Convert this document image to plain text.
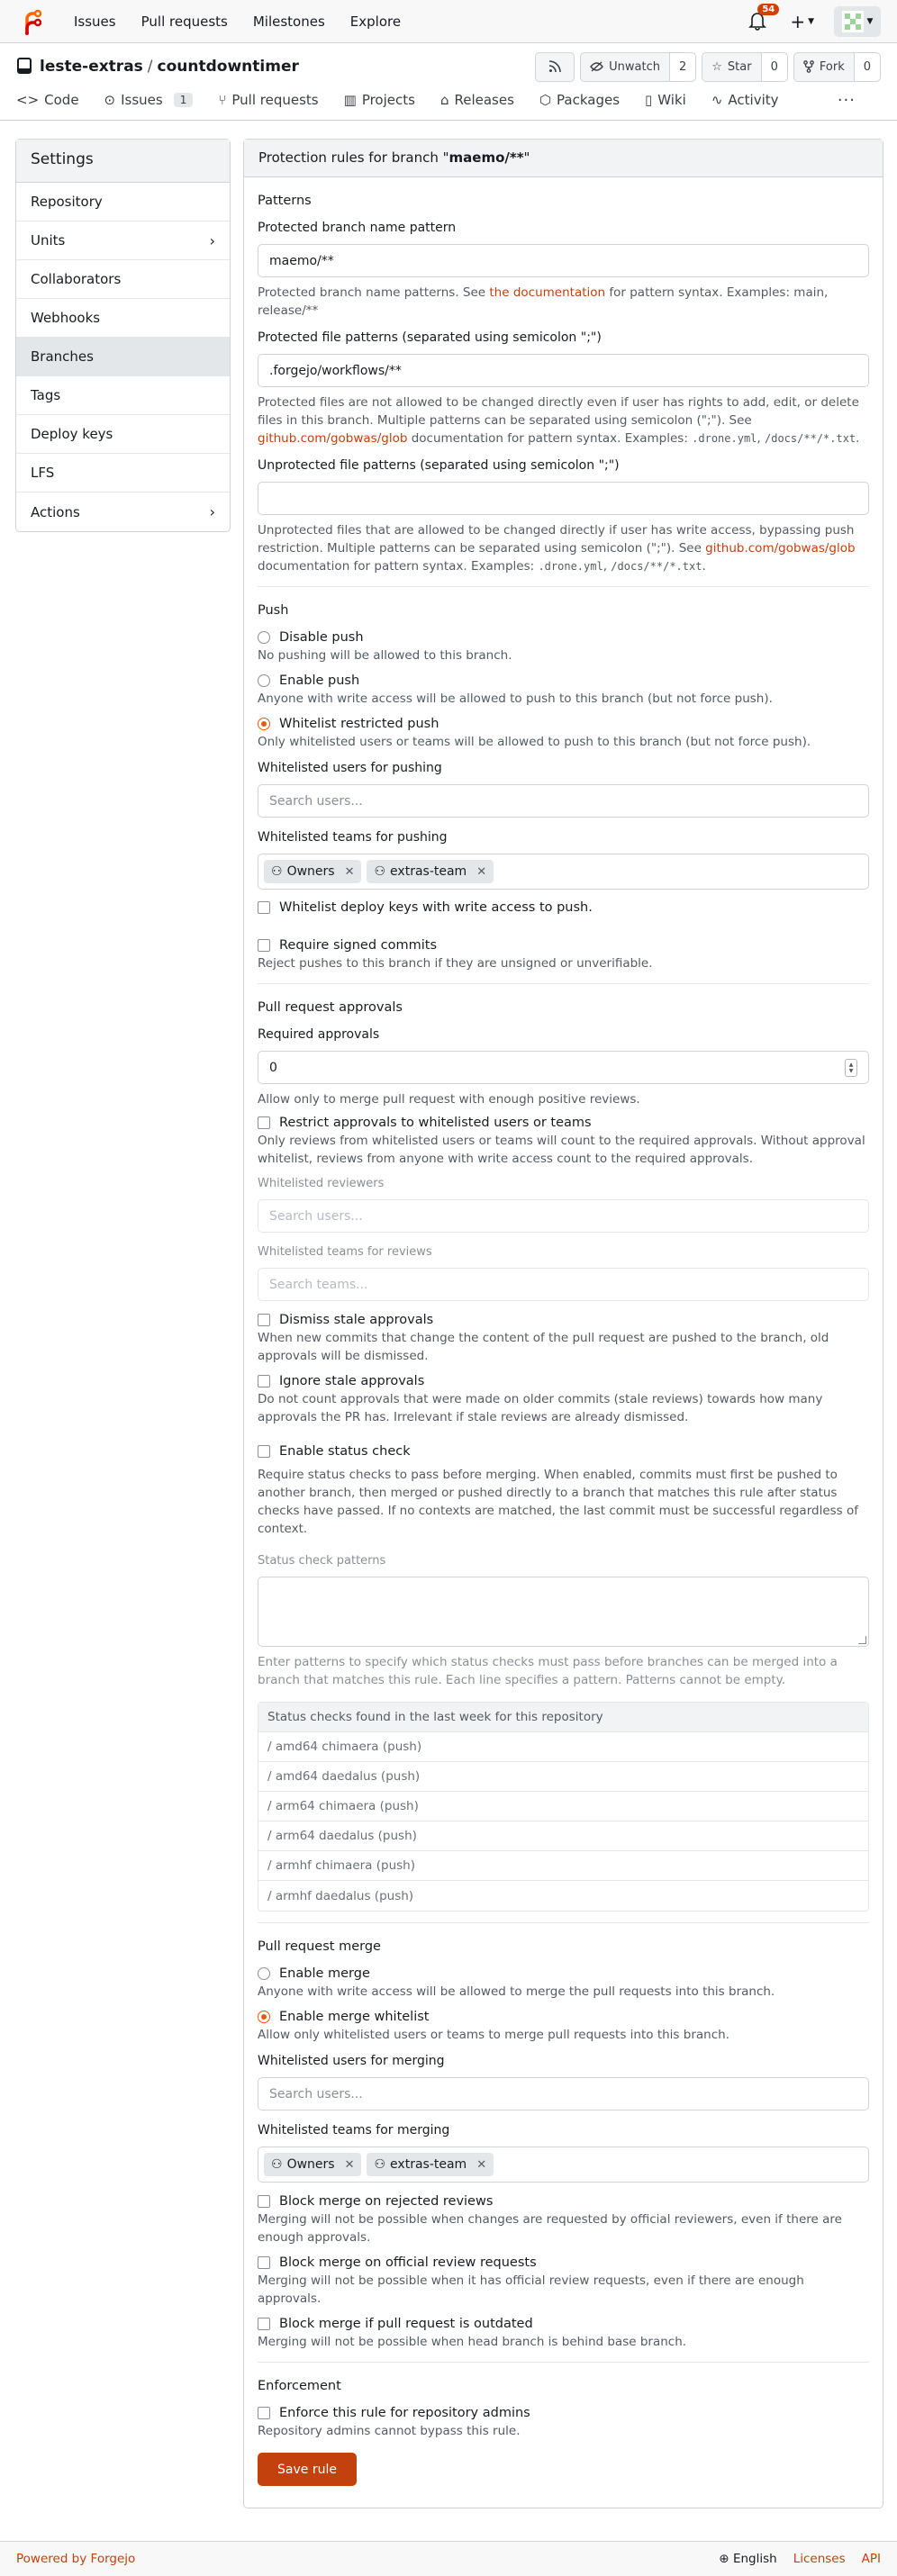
Issues Pull requests Milestones Explore
54
+ ▼	▼
leste-extras / countdowntimer	Unwatch	2	☆ Star	0	Fork	0
<> Code ⊙ Issues	1	⑂ Pull requests ▥ Projects ⌂ Releases ⬡ Packages ▯ Wiki ∿ Activity	···
Settings
Repository
Units	›
Collaborators
Webhooks
Branches
Tags
Deploy keys
LFS
Actions	›
Protection rules for branch "maemo/**"
Patterns
Protected branch name pattern
maemo/**
Protected branch name patterns. See the documentation for pattern syntax. Examples: main, release/**
Protected file patterns (separated using semicolon ";")
.forgejo/workflows/**
Protected files are not allowed to be changed directly even if user has rights to add, edit, or delete files in this branch. Multiple patterns can be separated using semicolon (";"). See github.com/gobwas/glob documentation for pattern syntax. Examples: .drone.yml, /docs/**/*.txt.
Unprotected file patterns (separated using semicolon ";")
Unprotected files that are allowed to be changed directly if user has write access, bypassing push restriction. Multiple patterns can be separated using semicolon (";"). See github.com/gobwas/glob documentation for pattern syntax. Examples: .drone.yml, /docs/**/*.txt.
Push
Disable push
No pushing will be allowed to this branch.
Enable push
Anyone with write access will be allowed to push to this branch (but not force push).
Whitelist restricted push
Only whitelisted users or teams will be allowed to push to this branch (but not force push).
Whitelisted users for pushing
Search users...
Whitelisted teams for pushing
⚇ Owners ✕ ⚇ extras-team ✕
Whitelist deploy keys with write access to push.
Require signed commits
Reject pushes to this branch if they are unsigned or unverifiable.
Pull request approvals
Required approvals
0	▲
▼
Allow only to merge pull request with enough positive reviews.
Restrict approvals to whitelisted users or teams
Only reviews from whitelisted users or teams will count to the required approvals. Without approval whitelist, reviews from anyone with write access count to the required approvals.
Whitelisted reviewers
Search users...
Whitelisted teams for reviews
Search teams...
Dismiss stale approvals
When new commits that change the content of the pull request are pushed to the branch, old approvals will be dismissed.
Ignore stale approvals
Do not count approvals that were made on older commits (stale reviews) towards how many approvals the PR has. Irrelevant if stale reviews are already dismissed.
Enable status check
Require status checks to pass before merging. When enabled, commits must first be pushed to another branch, then merged or pushed directly to a branch that matches this rule after status checks have passed. If no contexts are matched, the last commit must be successful regardless of context.
Status check patterns
Enter patterns to specify which status checks must pass before branches can be merged into a branch that matches this rule. Each line specifies a pattern. Patterns cannot be empty.
Status checks found in the last week for this repository
/ amd64 chimaera (push)
/ amd64 daedalus (push)
/ arm64 chimaera (push)
/ arm64 daedalus (push)
/ armhf chimaera (push)
/ armhf daedalus (push)
Pull request merge
Enable merge
Anyone with write access will be allowed to merge the pull requests into this branch.
Enable merge whitelist
Allow only whitelisted users or teams to merge pull requests into this branch.
Whitelisted users for merging
Search users...
Whitelisted teams for merging
⚇ Owners ✕ ⚇ extras-team ✕
Block merge on rejected reviews
Merging will not be possible when changes are requested by official reviewers, even if there are enough approvals.
Block merge on official review requests
Merging will not be possible when it has official review requests, even if there are enough approvals.
Block merge if pull request is outdated
Merging will not be possible when head branch is behind base branch.
Enforcement
Enforce this rule for repository admins
Repository admins cannot bypass this rule.
Save rule
Powered by Forgejo	⊕ English Licenses API
